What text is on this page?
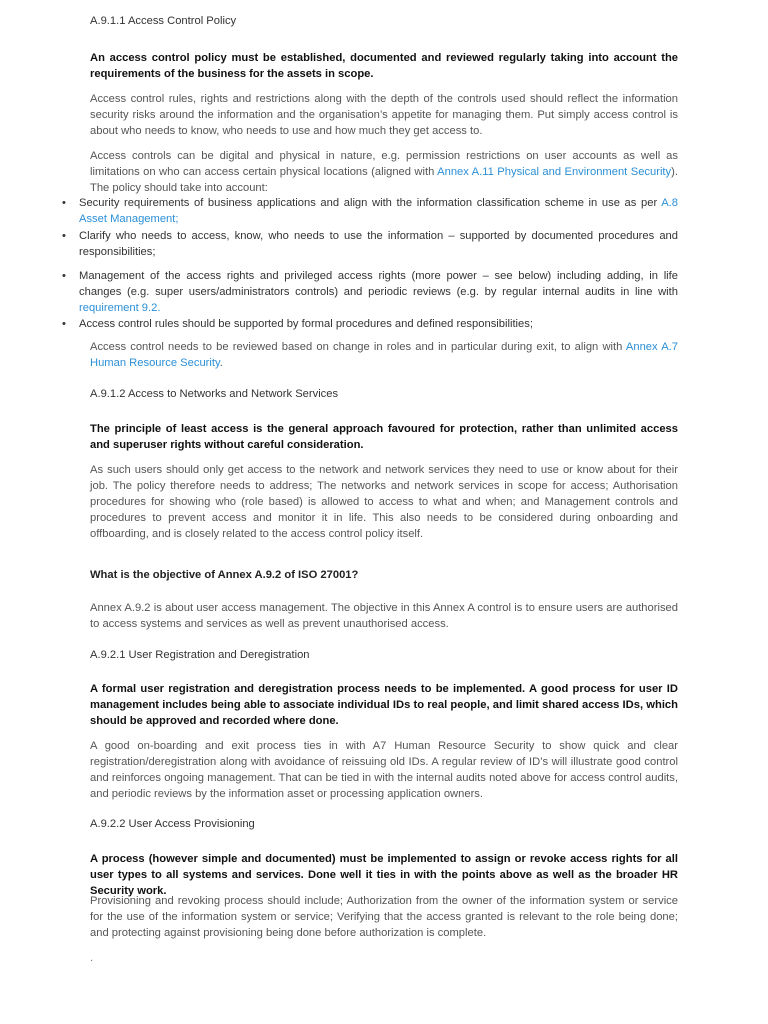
A.9.1.1 Access Control Policy
An access control policy must be established, documented and reviewed regularly taking into account the requirements of the business for the assets in scope.
Access control rules, rights and restrictions along with the depth of the controls used should reflect the information security risks around the information and the organisation’s appetite for managing them. Put simply access control is about who needs to know, who needs to use and how much they get access to.
Access controls can be digital and physical in nature, e.g. permission restrictions on user accounts as well as limitations on who can access certain physical locations (aligned with Annex A.11 Physical and Environment Security). The policy should take into account:
• Security requirements of business applications and align with the information classification scheme in use as per A.8 Asset Management;
• Clarify who needs to access, know, who needs to use the information – supported by documented procedures and responsibilities;
• Management of the access rights and privileged access rights (more power – see below) including adding, in life changes (e.g. super users/administrators controls) and periodic reviews (e.g. by regular internal audits in line with requirement 9.2.
• Access control rules should be supported by formal procedures and defined responsibilities;
Access control needs to be reviewed based on change in roles and in particular during exit, to align with Annex A.7 Human Resource Security.
A.9.1.2 Access to Networks and Network Services
The principle of least access is the general approach favoured for protection, rather than unlimited access and superuser rights without careful consideration.
As such users should only get access to the network and network services they need to use or know about for their job. The policy therefore needs to address; The networks and network services in scope for access; Authorisation procedures for showing who (role based) is allowed to access to what and when; and Management controls and procedures to prevent access and monitor it in life. This also needs to be considered during onboarding and offboarding, and is closely related to the access control policy itself.
What is the objective of Annex A.9.2 of ISO 27001?
Annex A.9.2 is about user access management. The objective in this Annex A control is to ensure users are authorised to access systems and services as well as prevent unauthorised access.
A.9.2.1 User Registration and Deregistration
A formal user registration and deregistration process needs to be implemented. A good process for user ID management includes being able to associate individual IDs to real people, and limit shared access IDs, which should be approved and recorded where done.
A good on-boarding and exit process ties in with A7 Human Resource Security to show quick and clear registration/deregistration along with avoidance of reissuing old IDs. A regular review of ID’s will illustrate good control and reinforces ongoing management. That can be tied in with the internal audits noted above for access control audits, and periodic reviews by the information asset or processing application owners.
A.9.2.2 User Access Provisioning
A process (however simple and documented) must be implemented to assign or revoke access rights for all user types to all systems and services. Done well it ties in with the points above as well as the broader HR Security work.
Provisioning and revoking process should include; Authorization from the owner of the information system or service for the use of the information system or service; Verifying that the access granted is relevant to the role being done; and protecting against provisioning being done before authorization is complete.
.
